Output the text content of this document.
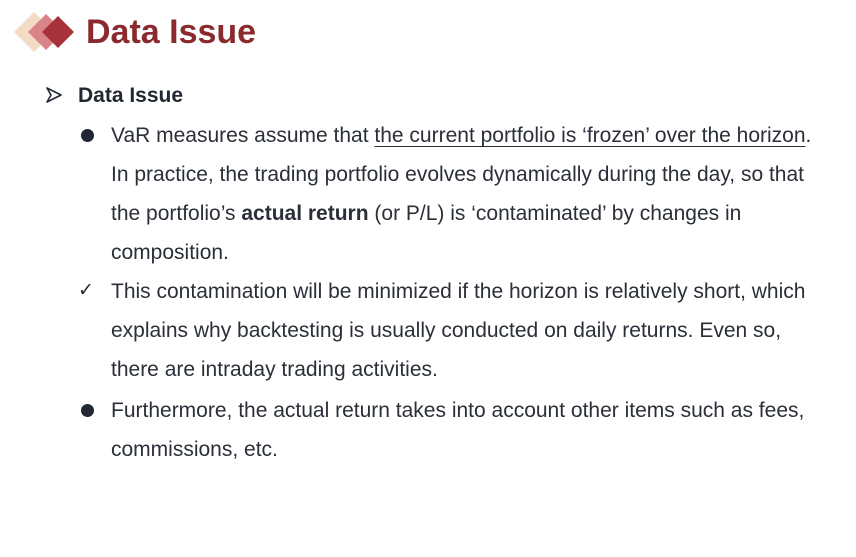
Data Issue
Data Issue
VaR measures assume that the current portfolio is ‘frozen’ over the horizon. In practice, the trading portfolio evolves dynamically during the day, so that the portfolio’s actual return (or P/L) is ‘contaminated’ by changes in composition.
✓ This contamination will be minimized if the horizon is relatively short, which explains why backtesting is usually conducted on daily returns. Even so, there are intraday trading activities.
Furthermore, the actual return takes into account other items such as fees, commissions, etc.
